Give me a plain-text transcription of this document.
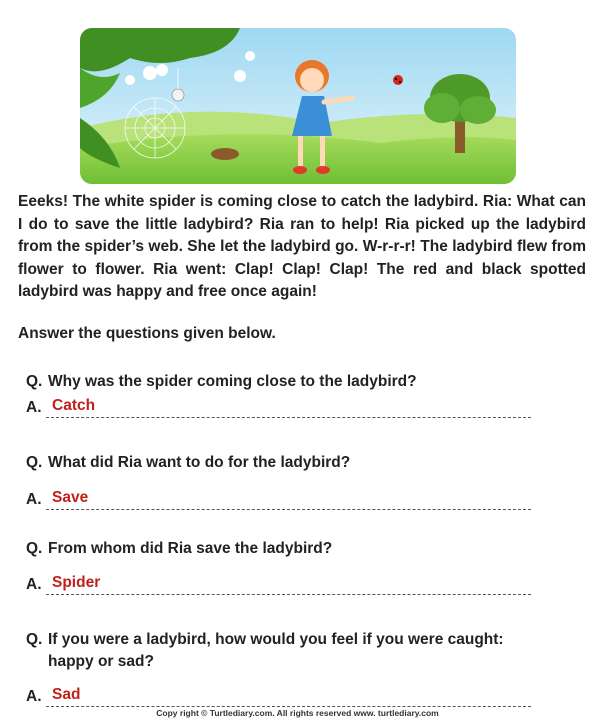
Eeeks! The white spider is coming close to catch the ladybird. Ria: What can I do to save the little ladybird? Ria ran to help! Ria picked up the ladybird from the spider’s web. She let the ladybird go. W-r-r-r! The ladybird flew from flower to flower. Ria went: Clap! Clap! Clap! The red and black spotted ladybird was happy and free once again!
Answer the questions given below.
Q. Why was the spider coming close to the ladybird?
A. Catch
Q. What did Ria want to do for the ladybird?
A. Save
Q. From whom did Ria save the ladybird?
A. Spider
Q. If you were a ladybird, how would you feel if you were caught: happy or sad?
A. Sad
Copy right © Turtlediary.com. All rights reserved www. turtlediary.com
